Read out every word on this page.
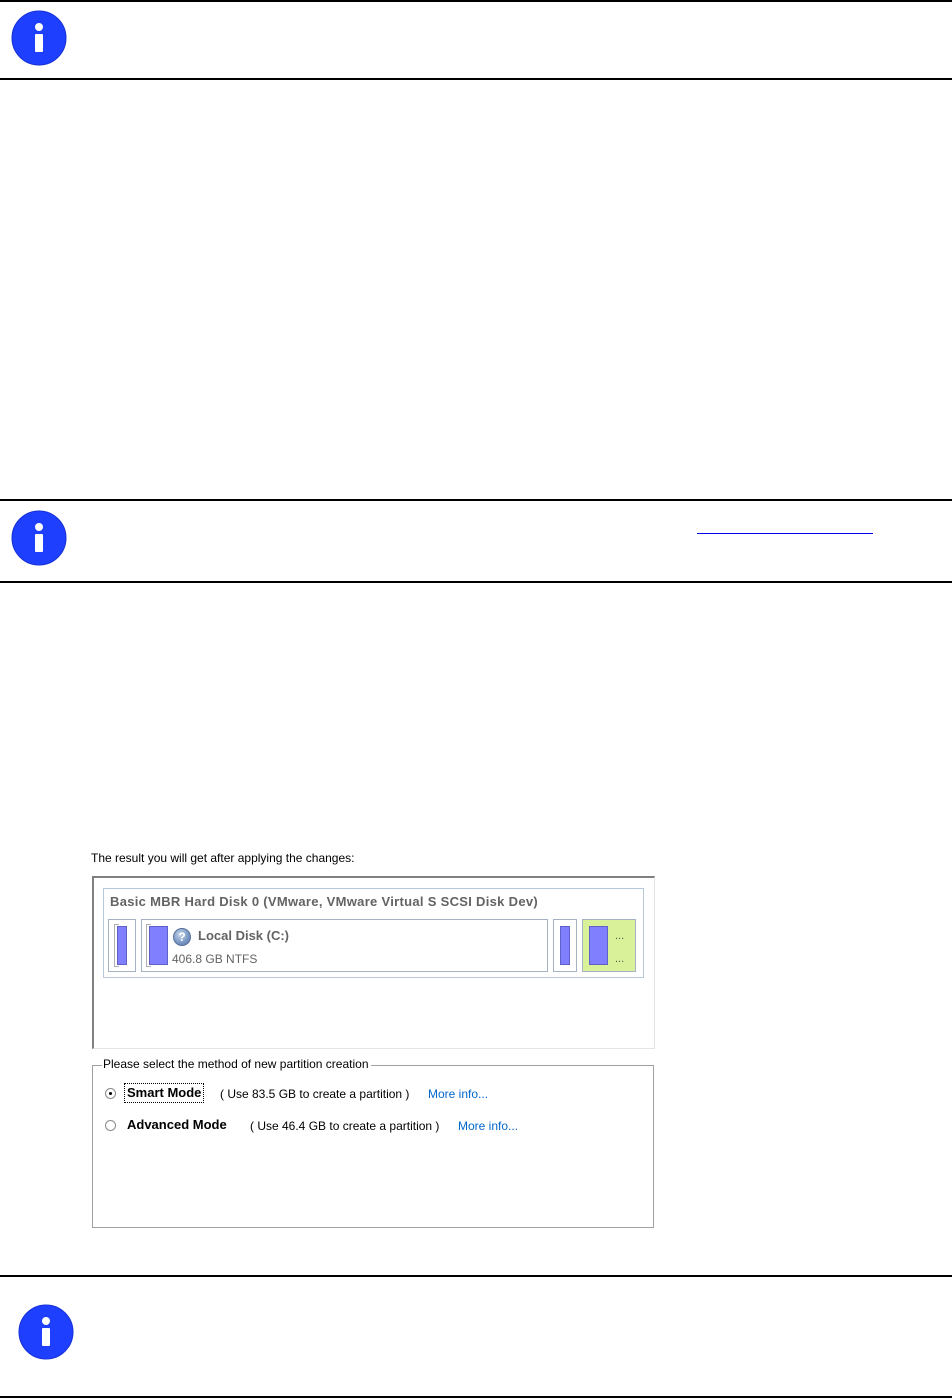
The result you will get after applying the changes:
Basic MBR Hard Disk 0 (VMware, VMware Virtual S SCSI Disk Dev)
? Local Disk (C:)
406.8 GB NTFS
...
...
Please select the method of new partition creation
Smart Mode ( Use 83.5 GB to create a partition ) More info...
Advanced Mode ( Use 46.4 GB to create a partition ) More info...
